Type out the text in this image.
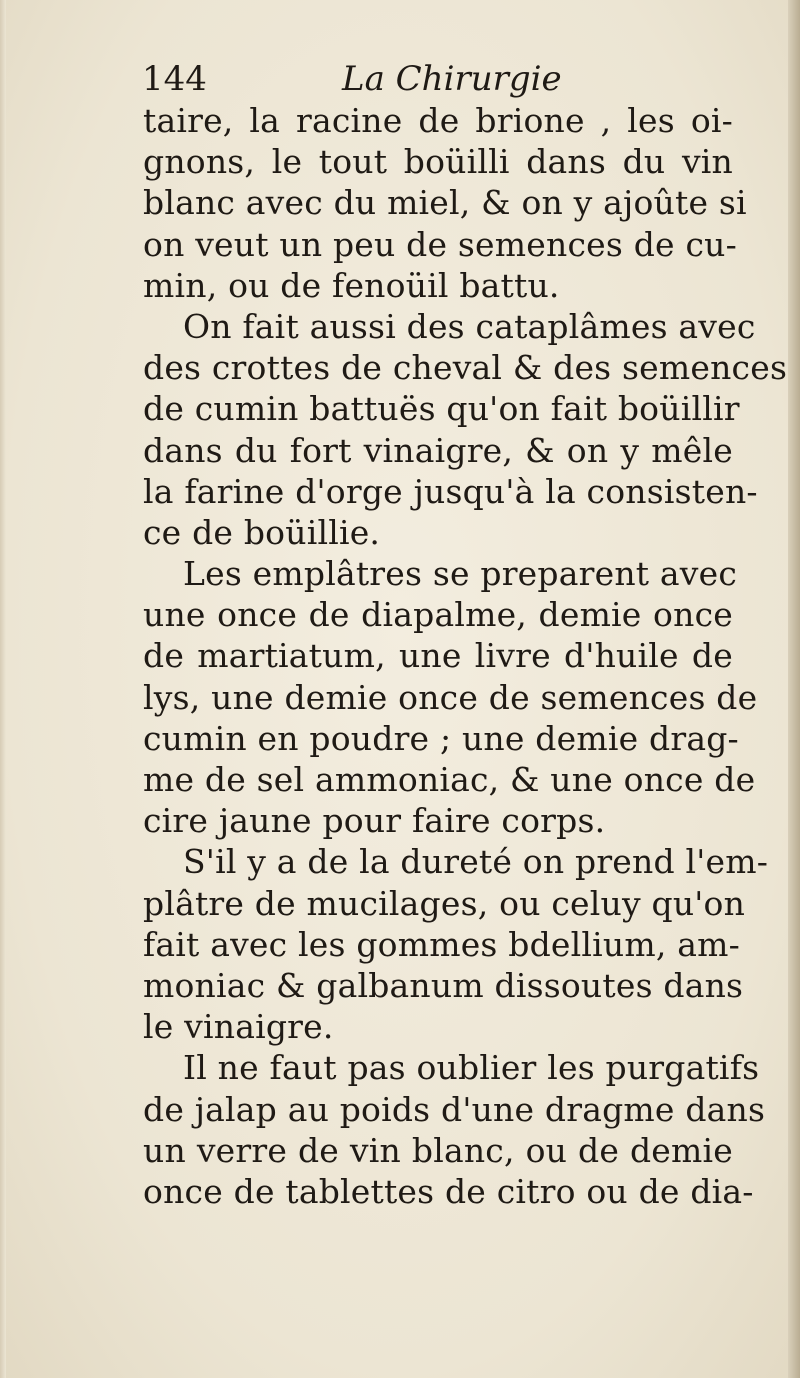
144	La Chirurgie
taire, la racine de brione , les oi-
gnons, le tout boüilli dans du vin
blanc avec du miel, & on y ajoûte si
on veut un peu de semences de cu-
min, ou de fenoüil battu.
On fait aussi des cataplâmes avec
des crottes de cheval & des semences
de cumin battuës qu'on fait boüillir
dans du fort vinaigre, & on y mêle
la farine d'orge jusqu'à la consisten-
ce de boüillie.
Les emplâtres se preparent avec
une once de diapalme, demie once
de martiatum, une livre d'huile de
lys, une demie once de semences de
cumin en poudre ; une demie drag-
me de sel ammoniac, & une once de
cire jaune pour faire corps.
S'il y a de la dureté on prend l'em-
plâtre de mucilages, ou celuy qu'on
fait avec les gommes bdellium, am-
moniac & galbanum dissoutes dans
le vinaigre.
Il ne faut pas oublier les purgatifs
de jalap au poids d'une dragme dans
un verre de vin blanc, ou de demie
once de tablettes de citro ou de dia-
